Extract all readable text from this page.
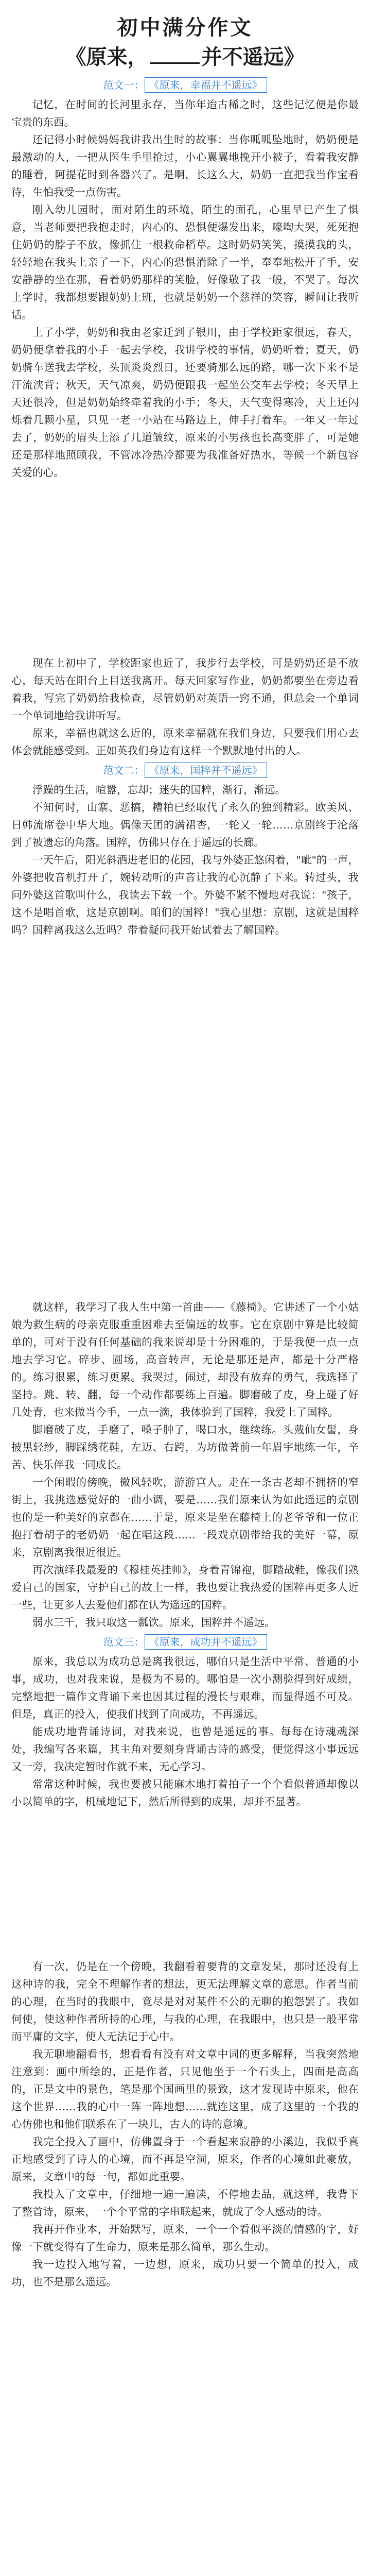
初中满分作文
《原来，	并不遥远》
范文一： 《原来，幸福并不遥远》

记忆，在时间的长河里永存，当你年迨古稀之时，这些记忆便是你最宝贵的东西。

还记得小时候妈妈我讲我出生时的故事：当你呱呱坠地时，奶奶便是最激动的人，一把从医生手里抢过，小心翼翼地挽开小被子，看着我安静的睡着，阿提花时到各器兴了。是啊，长这么大，奶奶一直把我当作宝看待，生怕我受一点伤害。

刚入幼儿园时，面对陌生的环境，陌生的面孔，心里早已产生了惧意，当老师要把我抱走时，内心的、恐惧便爆发出来，嚎啕大哭，死死抱住奶奶的脖子不放，像抓住一根救命稻草。这时奶奶笑笑，摸摸我的头，轻轻地在我头上亲了一下，内心的恐惧消除了一半，奉奉地松开了手，安安静静的坐在那，看着奶奶那样的笑脸，好像敬了我一般，不哭了。每次上学时，我都想要跟奶奶上班，也就是奶奶一个慈祥的笑容，瞬间让我听话。

上了小学，奶奶和我由老家迁到了银川，由于学校距家很远，春天，奶奶便拿着我的小手一起去学校，我讲学校的事情，奶奶听着；夏天，奶奶骑车送我去学校，头顶炎炎烈日，还要骑那么远的路，哪一次下来不是汗流浃背；秋天，天气凉爽，奶奶便跟我一起坐公交车去学校；冬天早上天还很冷，但是奶奶始终牵着我的小手；冬天，天气变得寒冷，天上还闪烁着几颗小星，只见一老一小站在马路边上，伸手打着车。一年又一年过去了，奶奶的眉头上添了几道皱纹，原来的小男孩也长高变胖了，可是她还是那样地照顾我，不管冰冷热冷都要为我准备好热水，等候一个新包容关爱的心。

现在上初中了，学校距家也近了，我步行去学校，可是奶奶还是不放心，每天站在阳台上目送我离开。每天回家写作业，奶奶都要坐在旁边看着我，写完了奶奶给我检查，尽管奶奶对英语一窍不通，但总会一个单词一个单词地给我讲听写。

原来，幸福也就这么近的，原来幸福就在我们身边，只要我们用心去体会就能感受到。正如英我们身边有这样一个默默地付出的人。

范文二： 《原来，国粹并不遥远》

浮躁的生活，喧嚣，忘却；迷失的国粹，渐行，渐远。

不知何时，山寨、恶搞，糟粕已经取代了永久的独到精彩。欧美风、日韩流席卷中华大地。偶像天团的满裙杏，一轮又一轮……京剧终于沦落到了被遗忘的角落。国粹，仿佛只存在于遥远的长廊。

一天午后，阳光斜洒进老旧的花园，我与外婆正悠闲着，"呲"的一声，外婆把收音机打开了，婉转动听的声音让我的心沉静了下来。转过头，我问外婆这首歌叫什么，我读去下载一个。外婆不紧不慢地对我说："孩子，这不是唱首歌，这是京剧啊。咱们的国粹！"我心里想：京剧，这就是国粹吗？国粹离我这么近吗？带着疑问我开始试着去了解国粹。

就这样，我学习了我人生中第一首曲——《藤椅》。它讲述了一个小姑娘为救生病的母亲克服重重困难去至偏远的故事。它在京剧中算是比较简单的，可对于没有任何基础的我来说却是十分困难的，于是我便一点一点地去学习它。碎步、圆场，高音转声，无论是那还是声，都是十分严格的。练习很累，练习更累。我哭过，闹过，却没有放弃的勇气，我选择了坚持。跳、转、翻，每一个动作都要练上百遍。脚磨破了皮，身上碰了好几处青，也来做当今手，一点一滴，我体验到了国粹，我爱上了国粹。

脚磨破了皮，手磨了，嗓子肿了，喝口水，继续练。头戴仙女髻，身披黑轻纱，脚踩绣花鞋，左迈、右跨，为坊做著前一年眉宇地练一年，辛苦、快乐伴我一同成长。

一个闲暇的傍晚，微风轻吹，游游宫人。走在一条古老却不拥挤的窄街上，我挑选感觉好的一曲小调，要是……我们原来认为如此遥远的京剧也的是一种美好的京都在……于是，原来是坐在藤椅上的老爷爷和一位正抱打着胡子的老奶奶一起在唱这段……一段戏京剧带给我的美好一幕，原来，京剧离我很近很近。

再次演绎我最爱的《穆桂英挂帅》，身着青锦袍，脚踏战鞋，像我们熟爱自己的国家，守护自己的故土一样，我也要让我热爱的国粹再更多人近一些，让更多人去爱他们都在认为遥远的国粹。

弱水三千，我只取这一瓢饮。原来，国粹并不遥远。

范文三： 《原来，成功并不遥远》

原来，我总以为成功总是离我很远，哪怕只是生活中平常、普通的小事，成功，也对我来说，是极为不易的。哪怕是一次小测验得到好成绩，完整地把一篇作文背诵下来也因其过程的漫长与艰难，而显得遥不可及。但是，真正的投入，使我们找到了向成功，不再遥远。

能成功地背诵诗词，对我来说，也曾是遥远的事。每每在诗魂魂深处，我编写各来篇，其主角对要刻身背诵古诗的感受，便觉得这小事远远又一旁，我决定暂时作就不来，无心学习。

常常这种时候，我也要被只能麻木地打着拍子一个个看似普通却像以小以简单的字，机械地记下，然后所得到的成果，却并不显著。

有一次，仍是在一个傍晚，我翻看着要背的文章发呆，那时还没有上这种诗的我，完全不理解作者的想法，更无法理解文章的意思。作者当前的心理，在当时的我眼中，竟尽是对对某件不公的无聊的抱怨罢了。我如何使，使这种作者所持的心理，与我的心理，在我眼中，也只是一般平常而平庸的文字，使人无法记于心中。

我无聊地翻看书，想看看有没有对文章中词的更多解释，当我突然地注意到：画中所绘的，正是作者，只见他坐于一个石头上，四面是高高的，正是文中的景色，笔是那个国画里的景致，这才发现诗中原来，他在这个世界……我的心中一阵一阵地想……就连这里，成了这里的一个我的心仿佛也和他们联系在了一块儿，古人的诗的意境。

我完全投入了画中，仿佛置身于一个看起来寂静的小溪边，我似乎真正地感受到了诗人的心境，而不再是空洞，原来，作者的心境如此豪放，原来，文章中的每一句，都如此重要。

我投入了文章中，仔细地一遍一遍读，不停地去品，就这样，我背下了整首诗，原来，一个个平常的字串联起来，就成了令人感动的诗。

我再开作业本，开始默写，原来，一个一个看似平淡的情感的字，好像一下就变得有了生命力，原来是那么简单，那么生动。

我一边投入地写着，一边想，原来，成功只要一个简单的投入，成功，也不是那么遥远。
